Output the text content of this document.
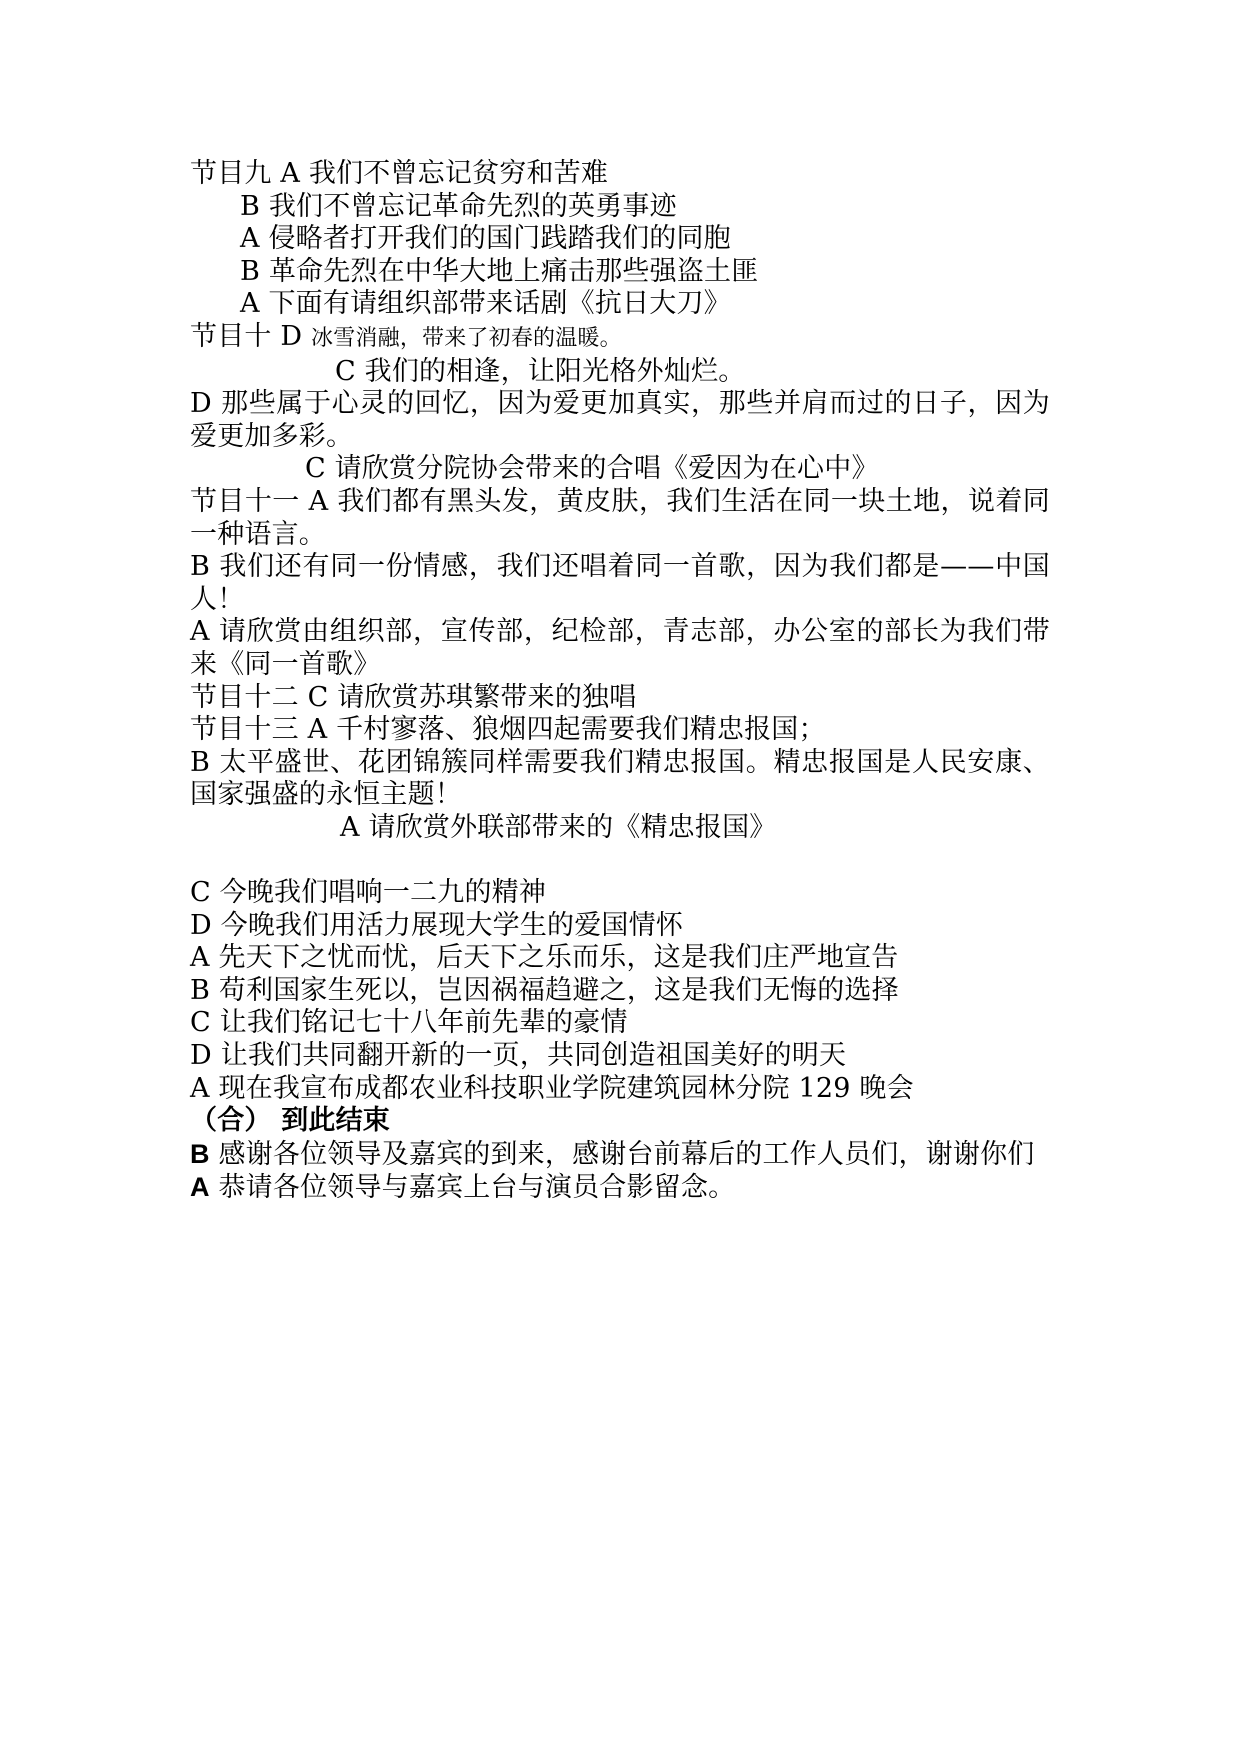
节目九 A 我们不曾忘记贫穷和苦难
B 我们不曾忘记革命先烈的英勇事迹
A 侵略者打开我们的国门践踏我们的同胞
B 革命先烈在中华大地上痛击那些强盗土匪
A 下面有请组织部带来话剧《抗日大刀》
节目十 D 冰雪消融，带来了初春的温暖。
C 我们的相逢，让阳光格外灿烂。
D 那些属于心灵的回忆，因为爱更加真实，那些并肩而过的日子，因为爱更加多彩。
C 请欣赏分院协会带来的合唱《爱因为在心中》
节目十一 A 我们都有黑头发，黄皮肤，我们生活在同一块土地，说着同一种语言。
B 我们还有同一份情感，我们还唱着同一首歌，因为我们都是——中国人！
A 请欣赏由组织部，宣传部，纪检部，青志部，办公室的部长为我们带来《同一首歌》
节目十二 C 请欣赏苏琪繁带来的独唱
节目十三 A 千村寥落、狼烟四起需要我们精忠报国；
B 太平盛世、花团锦簇同样需要我们精忠报国。精忠报国是人民安康、国家强盛的永恒主题！
A 请欣赏外联部带来的《精忠报国》
C 今晚我们唱响一二九的精神
D 今晚我们用活力展现大学生的爱国情怀
A 先天下之忧而忧，后天下之乐而乐，这是我们庄严地宣告
B 苟利国家生死以，岂因祸福趋避之，这是我们无悔的选择
C 让我们铭记七十八年前先辈的豪情
D 让我们共同翻开新的一页，共同创造祖国美好的明天
A 现在我宣布成都农业科技职业学院建筑园林分院 129 晚会
（合） 到此结束
B 感谢各位领导及嘉宾的到来，感谢台前幕后的工作人员们，谢谢你们
A 恭请各位领导与嘉宾上台与演员合影留念。
